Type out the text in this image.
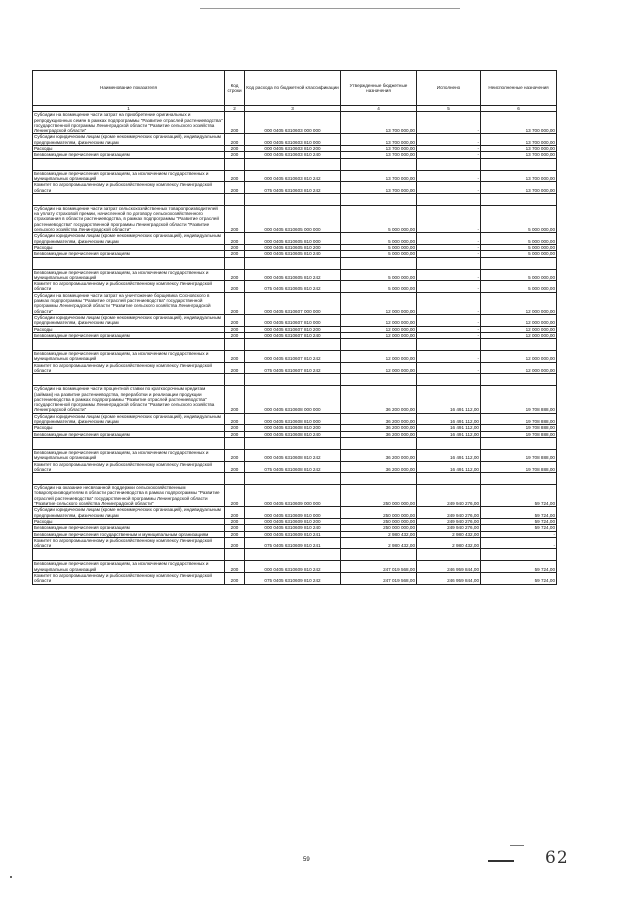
Наименование показателя	Код строки	Код расхода по бюджетной классификации	Утвержденные бюджетные назначения	Исполнено	Неисполненные назначения
1	2	3	4	5	6
Субсидии на возмещение части затрат на приобретение оригинальных и репродукционных семян в рамках подпрограммы "Развитие отраслей растениеводства" государственной программы Ленинградской области "Развитие сельского хозяйства Ленинградской области"	200	000 0405 6310603 000 000	13 700 000,00	-	13 700 000,00
Субсидии юридическим лицам (кроме некоммерческих организаций), индивидуальным предпринимателям, физическим лицам	200	000 0405 6310603 810 000	13 700 000,00	-	13 700 000,00
Расходы	200	000 0405 6310603 810 200	13 700 000,00	-	13 700 000,00
Безвозмездные перечисления организациям	200	000 0405 6310603 810 240	13 700 000,00	-	13 700 000,00

Безвозмездные перечисления организациям, за исключением государственных и муниципальных организаций	200	000 0405 6310603 810 242	13 700 000,00	-	13 700 000,00
Комитет по агропромышленному и рыбохозяйственному комплексу Ленинградской области	200	075 0405 6310603 810 242	13 700 000,00	-	13 700 000,00

Субсидии на возмещение части затрат сельскохозяйственных товаропроизводителей на уплату страховой премии, начисленной по договору сельскохозяйственного страхования в области растениеводства, в рамках подпрограммы "Развитие отраслей растениеводства" государственной программы Ленинградской области "Развитие сельского хозяйства Ленинградской области"	200	000 0405 6310605 000 000	5 000 000,00	-	5 000 000,00
Субсидии юридическим лицам (кроме некоммерческих организаций), индивидуальным предпринимателям, физическим лицам	200	000 0405 6310605 810 000	5 000 000,00	-	5 000 000,00
Расходы	200	000 0405 6310605 810 200	5 000 000,00	-	5 000 000,00
Безвозмездные перечисления организациям	200	000 0405 6310605 810 240	5 000 000,00	-	5 000 000,00

Безвозмездные перечисления организациям, за исключением государственных и муниципальных организаций	200	000 0405 6310605 810 242	5 000 000,00	-	5 000 000,00
Комитет по агропромышленному и рыбохозяйственному комплексу Ленинградской области	200	075 0405 6310605 810 242	5 000 000,00	-	5 000 000,00
Субсидии на возмещение части затрат на уничтожение борщевика Сосновского в рамках подпрограммы "Развитие отраслей растениеводства" государственной программы Ленинградской области "Развитие сельского хозяйства Ленинградской области"	200	000 0405 6310607 000 000	12 000 000,00	-	12 000 000,00
Субсидии юридическим лицам (кроме некоммерческих организаций), индивидуальным предпринимателям, физическим лицам	200	000 0405 6310607 810 000	12 000 000,00	-	12 000 000,00
Расходы	200	000 0405 6310607 810 200	12 000 000,00	-	12 000 000,00
Безвозмездные перечисления организациям	200	000 0405 6310607 810 240	12 000 000,00	-	12 000 000,00

Безвозмездные перечисления организациям, за исключением государственных и муниципальных организаций	200	000 0405 6310607 810 242	12 000 000,00	-	12 000 000,00
Комитет по агропромышленному и рыбохозяйственному комплексу Ленинградской области	200	075 0405 6310607 810 242	12 000 000,00	-	12 000 000,00

Субсидии на возмещение части процентной ставки по краткосрочным кредитам (займам) на развитие растениеводства, переработки и реализации продукции растениеводства в рамках подпрограммы "Развитие отраслей растениеводства" государственной программы Ленинградской области "Развитие сельского хозяйства Ленинградской области"	200	000 0405 6310608 000 000	36 200 000,00	16 491 112,00	19 708 888,00
Субсидии юридическим лицам (кроме некоммерческих организаций), индивидуальным предпринимателям, физическим лицам	200	000 0405 6310608 810 000	36 200 000,00	16 491 112,00	19 708 888,00
Расходы	200	000 0405 6310608 810 200	36 200 000,00	16 491 112,00	19 708 888,00
Безвозмездные перечисления организациям	200	000 0405 6310608 810 240	36 200 000,00	16 491 112,00	19 708 888,00

Безвозмездные перечисления организациям, за исключением государственных и муниципальных организаций	200	000 0405 6310608 810 242	36 200 000,00	16 491 112,00	19 708 888,00
Комитет по агропромышленному и рыбохозяйственному комплексу Ленинградской области	200	075 0405 6310608 810 242	36 200 000,00	16 491 112,00	19 708 888,00

Субсидии на оказание несвязанной поддержки сельскохозяйственным товаропроизводителям в области растениеводства в рамках подпрограммы "Развитие отраслей растениеводства" государственной программы Ленинградской области "Развитие сельского хозяйства Ленинградской области"	200	000 0405 6310609 000 000	250 000 000,00	249 940 276,00	59 724,00
Субсидии юридическим лицам (кроме некоммерческих организаций), индивидуальным предпринимателям, физическим лицам	200	000 0405 6310609 810 000	250 000 000,00	249 940 276,00	59 724,00
Расходы	200	000 0405 6310609 810 200	250 000 000,00	249 940 276,00	59 724,00
Безвозмездные перечисления организациям	200	000 0405 6310609 810 240	250 000 000,00	249 940 276,00	59 724,00
Безвозмездные перечисления государственным и муниципальным организациям	200	000 0405 6310609 810 241	2 980 432,00	2 980 432,00	-
Комитет по агропромышленному и рыбохозяйственному комплексу Ленинградской области	200	075 0405 6310609 810 241	2 980 432,00	2 980 432,00	-

Безвозмездные перечисления организациям, за исключением государственных и муниципальных организаций	200	000 0405 6310609 810 242	247 019 568,00	246 959 844,00	59 724,00
Комитет по агропромышленному и рыбохозяйственному комплексу Ленинградской области	200	075 0405 6310609 810 242	247 019 568,00	246 959 844,00	59 724,00
59	62
